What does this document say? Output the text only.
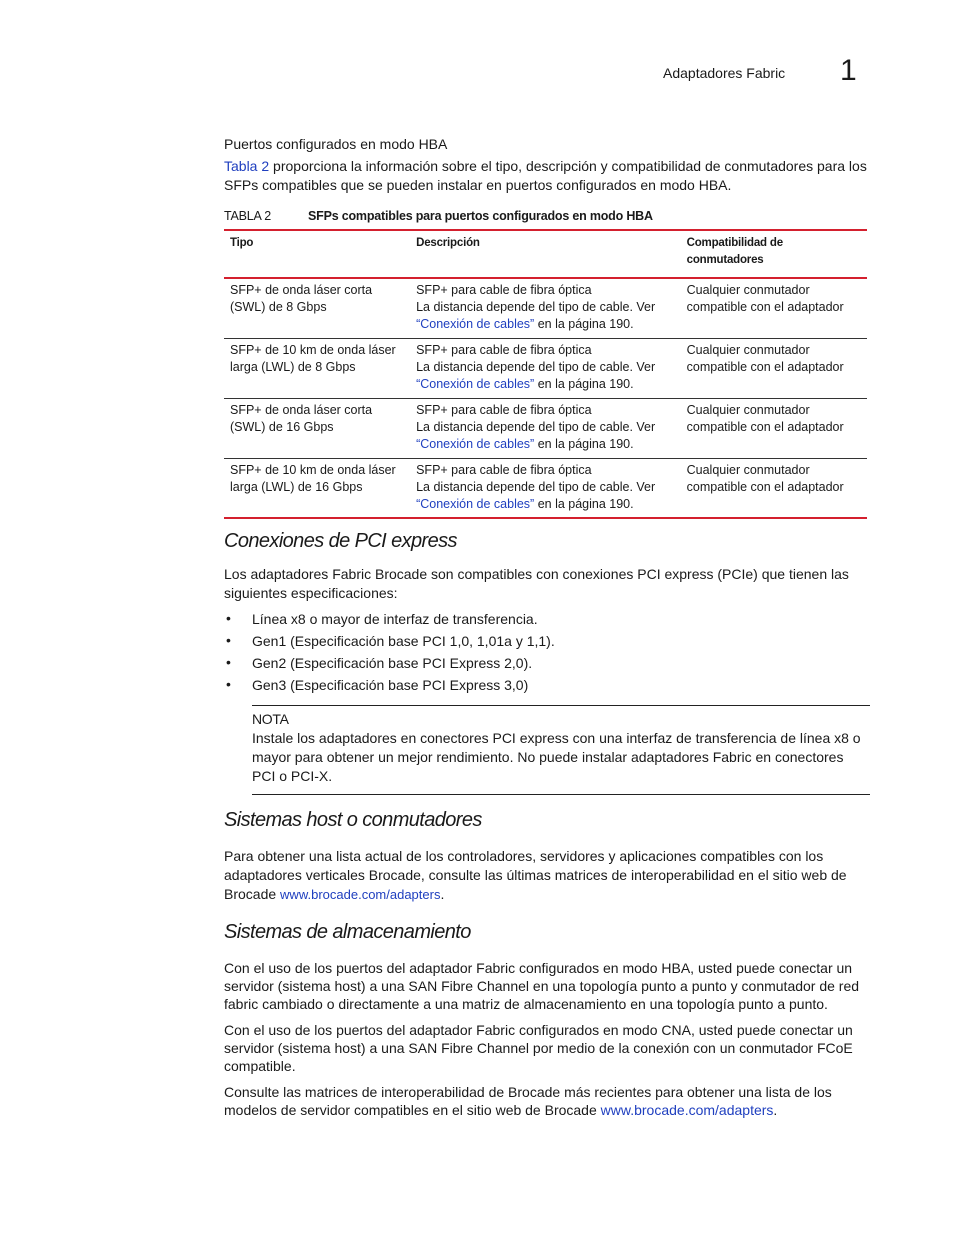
Adaptadores Fabric 1
Puertos configurados en modo HBA
Tabla 2 proporciona la información sobre el tipo, descripción y compatibilidad de conmutadores para los SFPs compatibles que se pueden instalar en puertos configurados en modo HBA.
TABLA 2	SFPs compatibles para puertos configurados en modo HBA
Tipo	Descripción	Compatibilidad de conmutadores
SFP+ de onda láser corta (SWL) de 8 Gbps	SFP+ para cable de fibra óptica
La distancia depende del tipo de cable. Ver
“Conexión de cables” en la página 190.	Cualquier conmutador compatible con el adaptador
SFP+ de 10 km de onda láser larga (LWL) de 8 Gbps	SFP+ para cable de fibra óptica
La distancia depende del tipo de cable. Ver
“Conexión de cables” en la página 190.	Cualquier conmutador compatible con el adaptador
SFP+ de onda láser corta (SWL) de 16 Gbps	SFP+ para cable de fibra óptica
La distancia depende del tipo de cable. Ver
“Conexión de cables” en la página 190.	Cualquier conmutador compatible con el adaptador
SFP+ de 10 km de onda láser larga (LWL) de 16 Gbps	SFP+ para cable de fibra óptica
La distancia depende del tipo de cable. Ver
“Conexión de cables” en la página 190.	Cualquier conmutador compatible con el adaptador
Conexiones de PCI express
Los adaptadores Fabric Brocade son compatibles con conexiones PCI express (PCIe) que tienen las siguientes especificaciones:
• Línea x8 o mayor de interfaz de transferencia.
• Gen1 (Especificación base PCI 1,0, 1,01a y 1,1).
• Gen2 (Especificación base PCI Express 2,0).
• Gen3 (Especificación base PCI Express 3,0)
NOTA
Instale los adaptadores en conectores PCI express con una interfaz de transferencia de línea x8 o mayor para obtener un mejor rendimiento. No puede instalar adaptadores Fabric en conectores PCI o PCI-X.
Sistemas host o conmutadores
Para obtener una lista actual de los controladores, servidores y aplicaciones compatibles con los adaptadores verticales Brocade, consulte las últimas matrices de interoperabilidad en el sitio web de Brocade www.brocade.com/adapters.
Sistemas de almacenamiento
Con el uso de los puertos del adaptador Fabric configurados en modo HBA, usted puede conectar un servidor (sistema host) a una SAN Fibre Channel en una topología punto a punto y conmutador de red fabric cambiado o directamente a una matriz de almacenamiento en una topología punto a punto.
Con el uso de los puertos del adaptador Fabric configurados en modo CNA, usted puede conectar un servidor (sistema host) a una SAN Fibre Channel por medio de la conexión con un conmutador FCoE compatible.
Consulte las matrices de interoperabilidad de Brocade más recientes para obtener una lista de los modelos de servidor compatibles en el sitio web de Brocade www.brocade.com/adapters.
